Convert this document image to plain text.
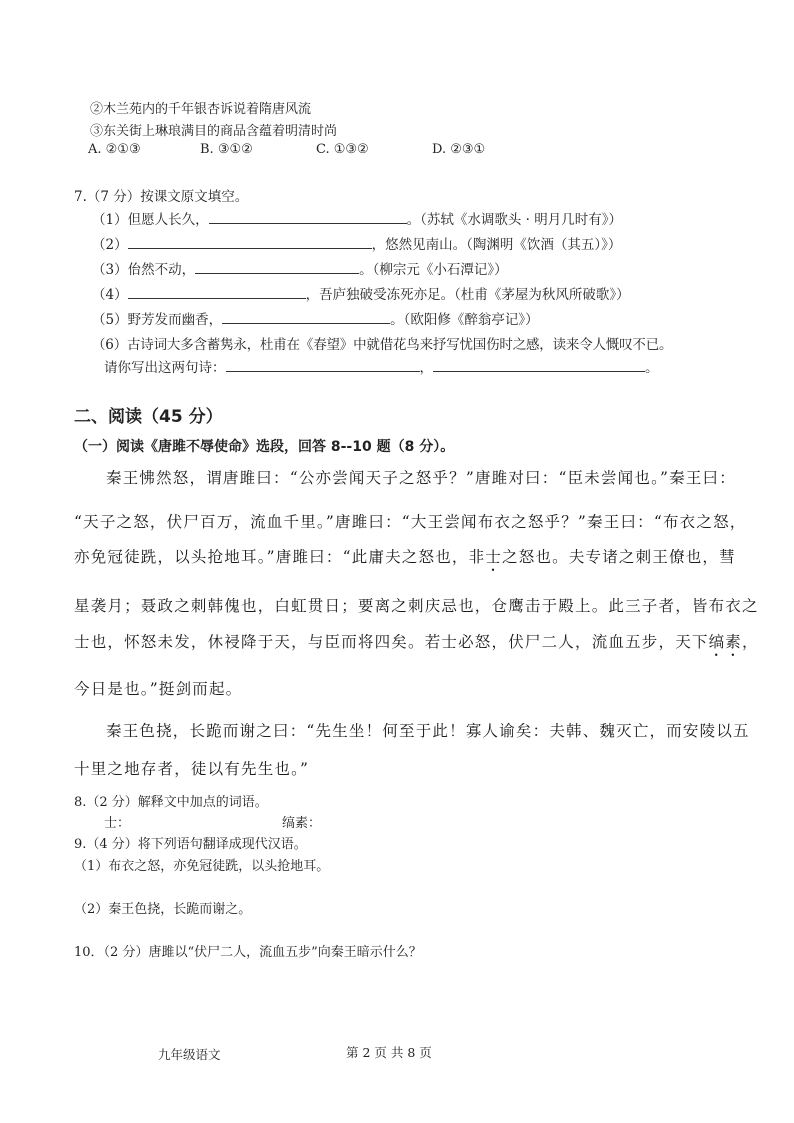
②木兰苑内的千年银杏诉说着隋唐风流
③东关街上琳琅满目的商品含蕴着明清时尚
A. ②①③	B. ③①②	C. ①③②	D. ②③①
7.（7 分）按课文原文填空。
（1）但愿人长久，	。（苏轼《水调歌头 · 明月几时有》）
（2）	，悠然见南山。（陶渊明《饮酒（其五）》）
（3）佁然不动，	。（柳宗元《小石潭记》）
（4）	，吾庐独破受冻死亦足。（杜甫《茅屋为秋风所破歌》）
（5）野芳发而幽香，	。（欧阳修《醉翁亭记》）
（6）古诗词大多含蓄隽永，杜甫在《春望》中就借花鸟来抒写忧国伤时之感，读来令人慨叹不已。
请你写出这两句诗：	，	。
二、阅读（45 分）
（一）阅读《唐雎不辱使命》选段，回答 8--10 题（8 分）。
秦王怫然怒，谓唐雎曰：“公亦尝闻天子之怒乎？”唐雎对曰：“臣未尝闻也。”秦王曰：
“天子之怒，伏尸百万，流血千里。”唐雎曰：“大王尝闻布衣之怒乎？”秦王曰：“布衣之怒，
亦免冠徒跣，以头抢地耳。”唐雎曰：“此庸夫之怒也，非士之怒也。夫专诸之刺王僚也，彗
星袭月；聂政之刺韩傀也，白虹贯日；要离之刺庆忌也，仓鹰击于殿上。此三子者，皆布衣之
士也，怀怒未发，休祲降于天，与臣而将四矣。若士必怒，伏尸二人，流血五步，天下缟素，
今日是也。”挺剑而起。
秦王色挠，长跪而谢之曰：“先生坐！何至于此！寡人谕矣：夫韩、魏灭亡，而安陵以五
十里之地存者，徒以有先生也。”
8.（2 分）解释文中加点的词语。
士：	缟素：
9.（4 分）将下列语句翻译成现代汉语。
（1）布衣之怒，亦免冠徒跣，以头抢地耳。
（2）秦王色挠，长跪而谢之。
10．（2 分）唐雎以“伏尸二人，流血五步”向秦王暗示什么？
九年级语文	第 2 页 共 8 页
